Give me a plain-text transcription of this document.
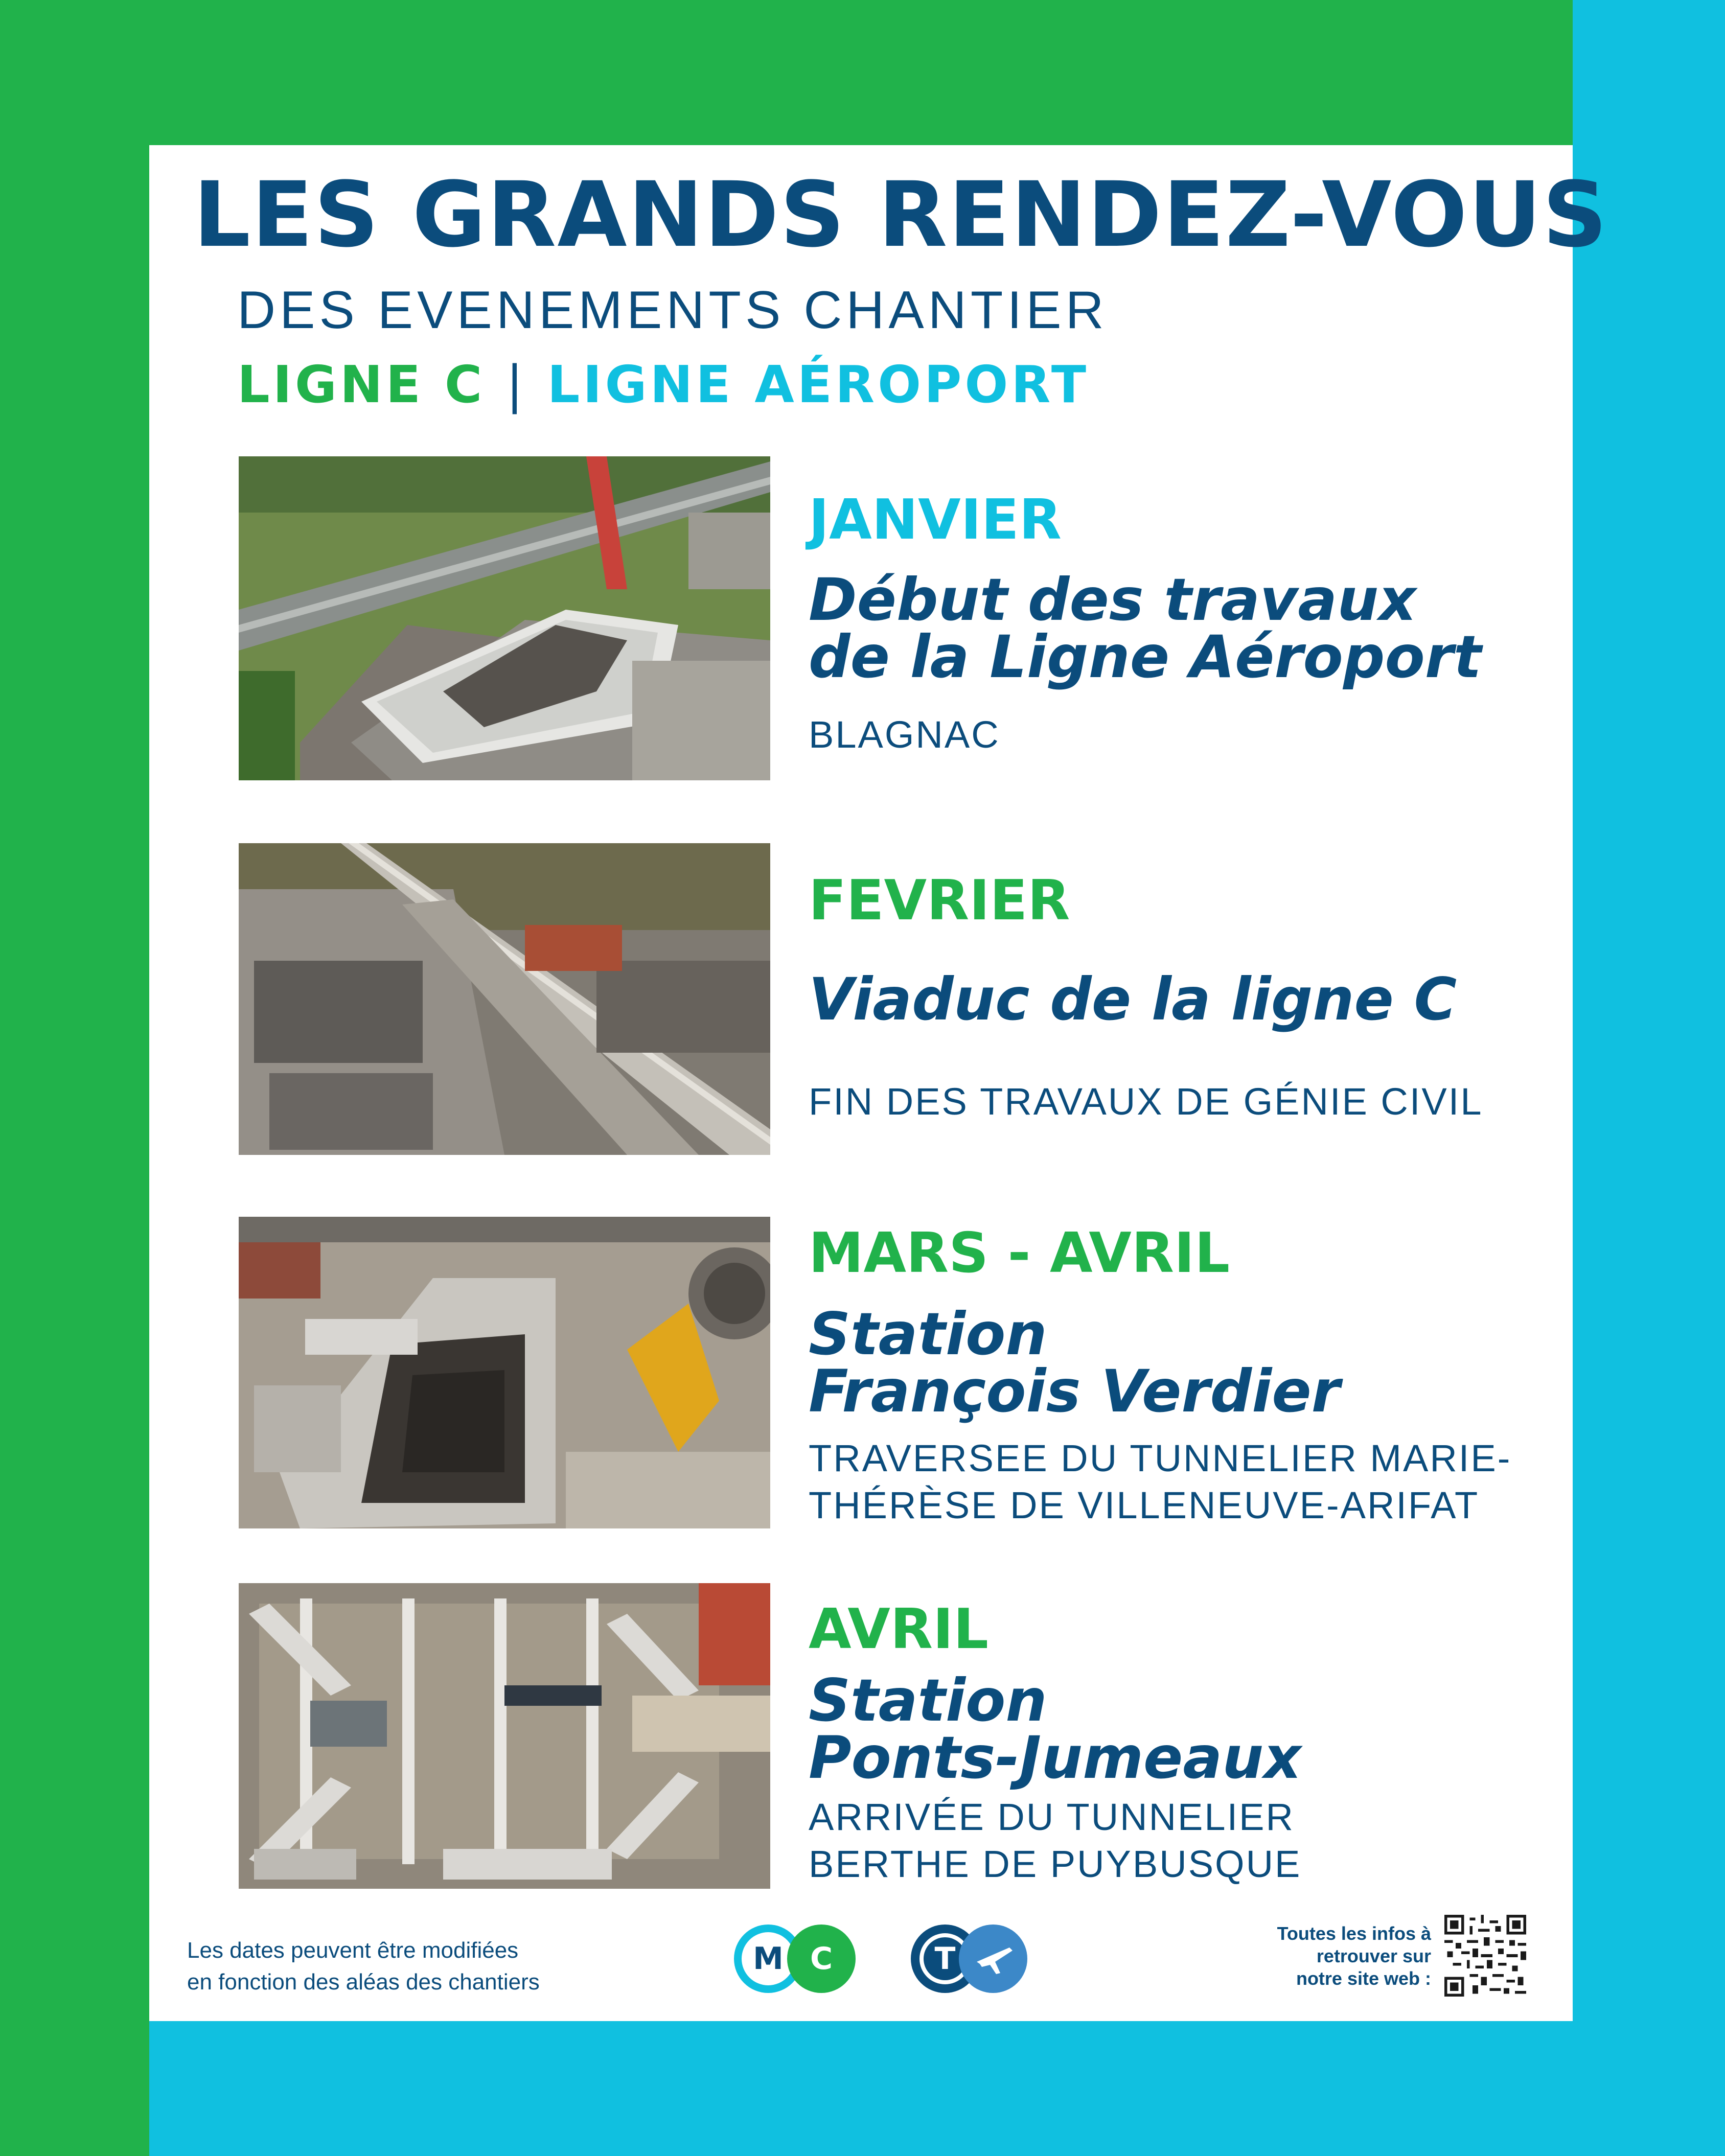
LES GRANDS RENDEZ-VOUS
DES EVENEMENTS CHANTIER
LIGNE C | LIGNE AÉROPORT
JANVIER
Début des travaux
de la Ligne Aéroport
BLAGNAC
FEVRIER
Viaduc de la ligne C
FIN DES TRAVAUX DE GÉNIE CIVIL
MARS - AVRIL
Station
François Verdier
TRAVERSEE DU TUNNELIER MARIE-
THÉRÈSE DE VILLENEUVE-ARIFAT
AVRIL
Station
Ponts-Jumeaux
ARRIVÉE DU TUNNELIER
BERTHE DE PUYBUSQUE
Les dates peuvent être modifiées
en fonction des aléas des chantiers
M C	T
Toutes les infos à
retrouver sur
notre site web :
